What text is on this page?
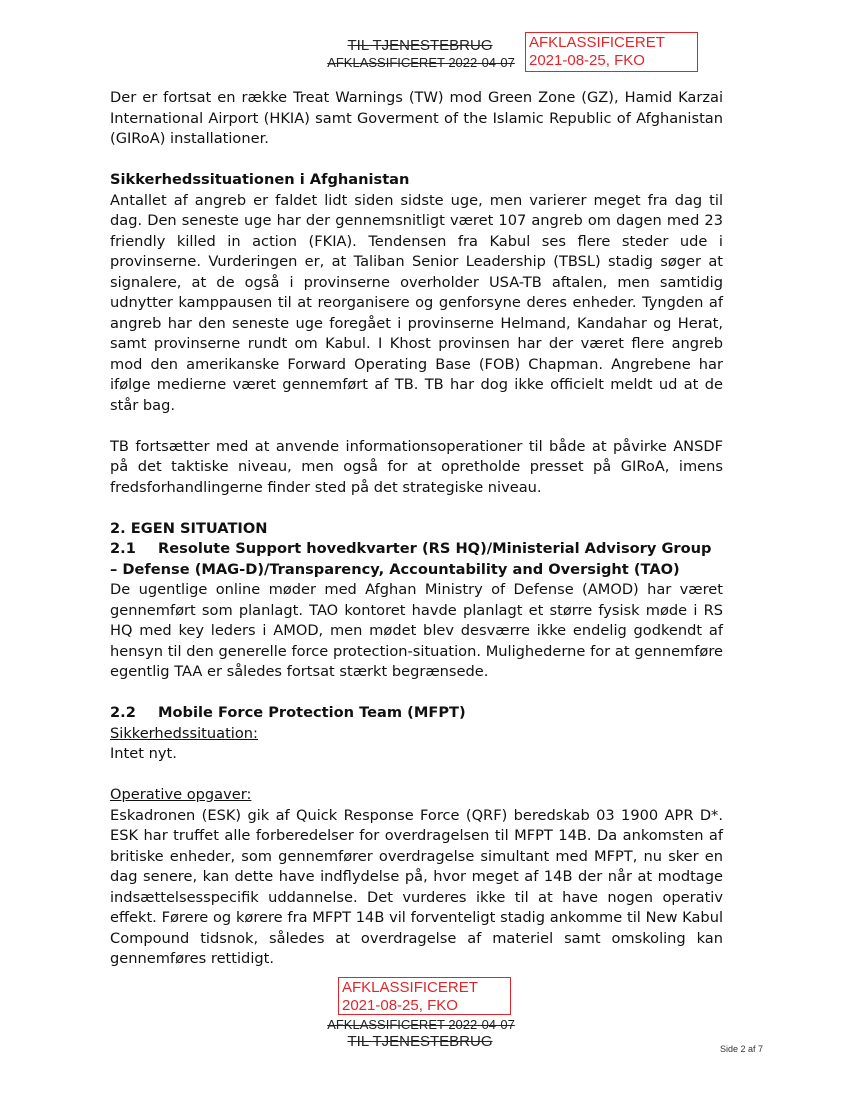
TIL TJENESTEBRUG
AFKLASSIFICERET 2022-04-07
AFKLASSIFICERET
2021-08-25, FKO

Der er fortsat en række Treat Warnings (TW) mod Green Zone (GZ), Hamid Karzai International Airport (HKIA) samt Goverment of the Islamic Republic of Afghanistan (GIRoA) installationer.

Sikkerhedssituationen i Afghanistan

Antallet af angreb er faldet lidt siden sidste uge, men varierer meget fra dag til dag. Den seneste uge har der gennemsnitligt været 107 angreb om dagen med 23 friendly killed in action (FKIA). Tendensen fra Kabul ses flere steder ude i provinserne. Vurderingen er, at Taliban Senior Leadership (TBSL) stadig søger at signalere, at de også i provinserne overholder USA-TB aftalen, men samtidig udnytter kamppausen til at reorganisere og genforsyne deres enheder. Tyngden af angreb har den seneste uge foregået i provinserne Helmand, Kandahar og Herat, samt provinserne rundt om Kabul. I Khost provinsen har der været flere angreb mod den amerikanske Forward Operating Base (FOB) Chapman. Angrebene har ifølge medierne været gennemført af TB. TB har dog ikke officielt meldt ud at de står bag.

TB fortsætter med at anvende informationsoperationer til både at påvirke ANSDF på det taktiske niveau, men også for at opretholde presset på GIRoA, imens fredsforhandlingerne finder sted på det strategiske niveau.

2. EGEN SITUATION

2.1 Resolute Support hovedkvarter (RS HQ)/Ministerial Advisory Group – Defense (MAG-D)/Transparency, Accountability and Oversight (TAO)

De ugentlige online møder med Afghan Ministry of Defense (AMOD) har været gennemført som planlagt. TAO kontoret havde planlagt et større fysisk møde i RS HQ med key leders i AMOD, men mødet blev desværre ikke endelig godkendt af hensyn til den generelle force protection-situation. Mulighederne for at gennemføre egentlig TAA er således fortsat stærkt begrænsede.

2.2 Mobile Force Protection Team (MFPT)

Sikkerhedssituation:

Intet nyt.

Operative opgaver:

Eskadronen (ESK) gik af Quick Response Force (QRF) beredskab 03 1900 APR D*. ESK har truffet alle forberedelser for overdragelsen til MFPT 14B. Da ankomsten af britiske enheder, som gennemfører overdragelse simultant med MFPT, nu sker en dag senere, kan dette have indflydelse på, hvor meget af 14B der når at modtage indsættelsesspecifik uddannelse. Det vurderes ikke til at have nogen operativ effekt. Førere og kørere fra MFPT 14B vil forventeligt stadig ankomme til New Kabul Compound tidsnok, således at overdragelse af materiel samt omskoling kan gennemføres rettidigt.

AFKLASSIFICERET
2021-08-25, FKO
AFKLASSIFICERET 2022-04-07
TIL TJENESTEBRUG	Side 2 af 7
